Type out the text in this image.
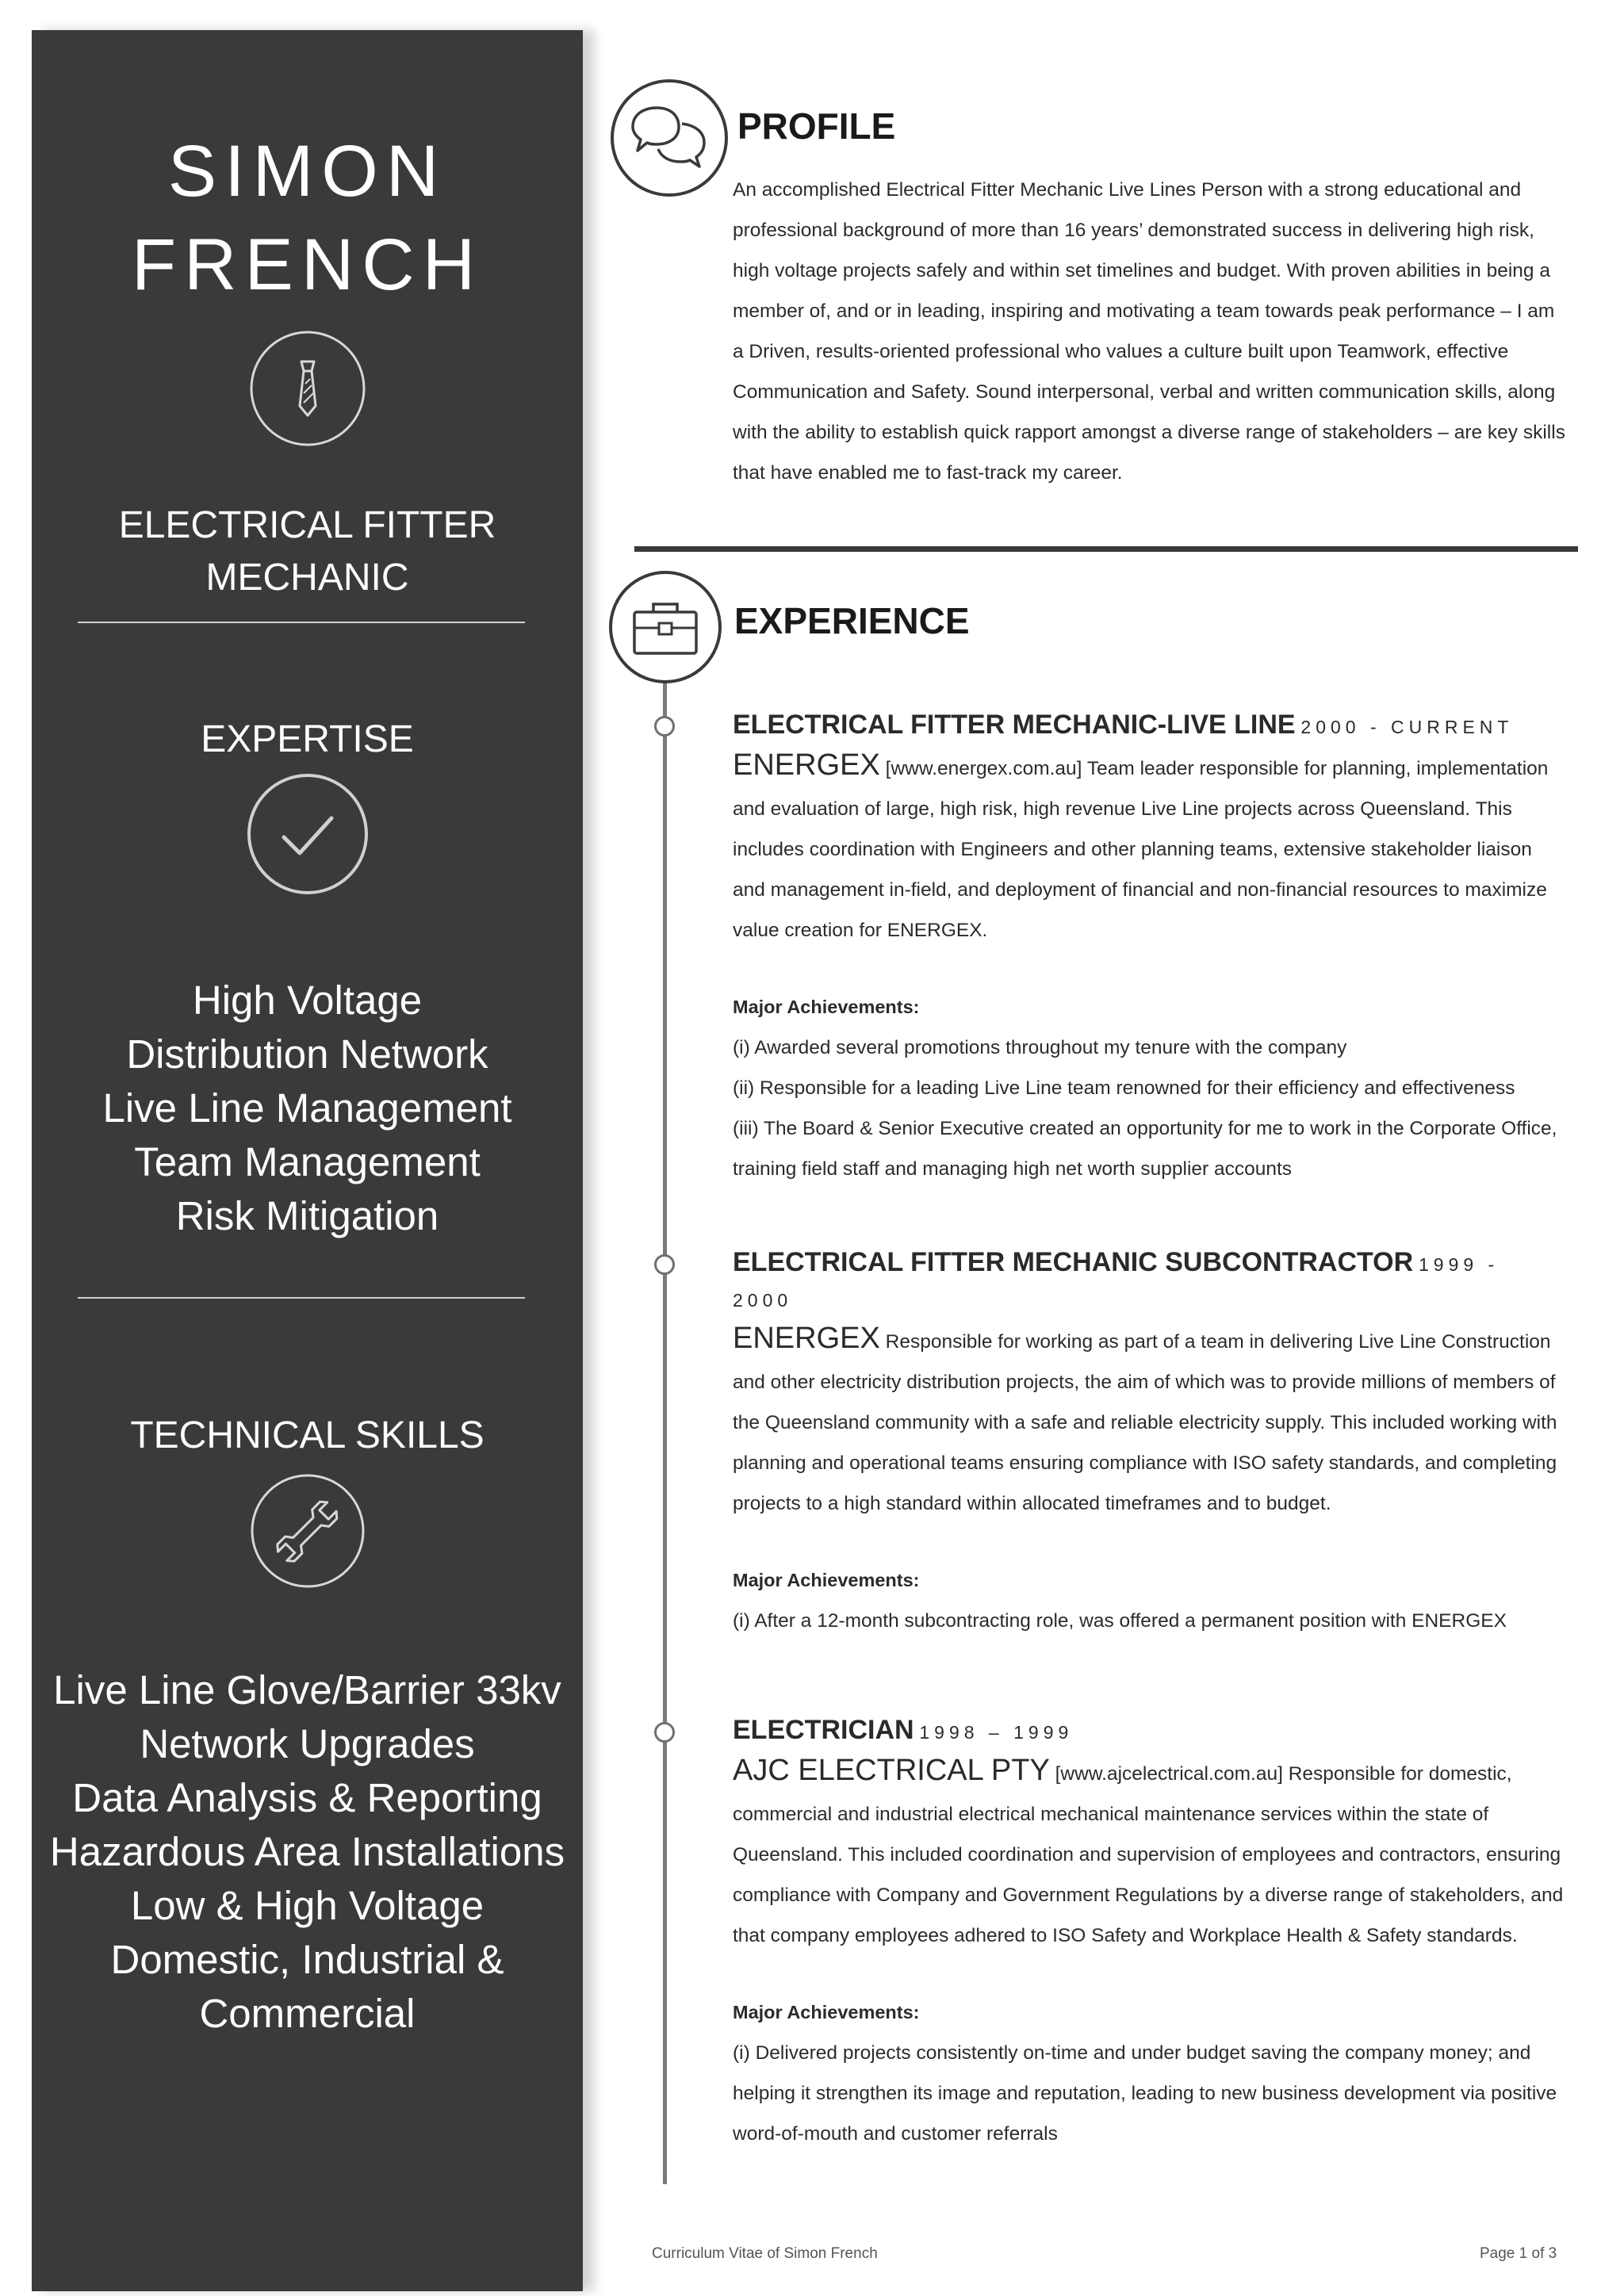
SIMON
FRENCH
ELECTRICAL FITTER
MECHANIC
EXPERTISE
High Voltage
Distribution Network
Live Line Management
Team Management
Risk Mitigation
TECHNICAL SKILLS
Live Line Glove/Barrier 33kv
Network Upgrades
Data Analysis & Reporting
Hazardous Area Installations
Low & High Voltage
Domestic, Industrial &
Commercial
PROFILE
An accomplished Electrical Fitter Mechanic Live Lines Person with a strong educational and professional background of more than 16 years’ demonstrated success in delivering high risk, high voltage projects safely and within set timelines and budget. With proven abilities in being a member of, and or in leading, inspiring and motivating a team towards peak performance – I am a Driven, results-oriented professional who values a culture built upon Teamwork, effective Communication and Safety. Sound interpersonal, verbal and written communication skills, along with the ability to establish quick rapport amongst a diverse range of stakeholders – are key skills that have enabled me to fast-track my career.
EXPERIENCE
ELECTRICAL FITTER MECHANIC-LIVE LINE 2000 - CURRENT

ENERGEX [www.energex.com.au] Team leader responsible for planning, implementation and evaluation of large, high risk, high revenue Live Line projects across Queensland. This includes coordination with Engineers and other planning teams, extensive stakeholder liaison and management in-field, and deployment of financial and non-financial resources to maximize value creation for ENERGEX.

Major Achievements:

(i) Awarded several promotions throughout my tenure with the company

(ii) Responsible for a leading Live Line team renowned for their efficiency and effectiveness

(iii) The Board & Senior Executive created an opportunity for me to work in the Corporate Office, training field staff and managing high net worth supplier accounts

ELECTRICAL FITTER MECHANIC SUBCONTRACTOR 1999 - 2000

ENERGEX Responsible for working as part of a team in delivering Live Line Construction and other electricity distribution projects, the aim of which was to provide millions of members of the Queensland community with a safe and reliable electricity supply. This included working with planning and operational teams ensuring compliance with ISO safety standards, and completing projects to a high standard within allocated timeframes and to budget.

Major Achievements:

(i) After a 12-month subcontracting role, was offered a permanent position with ENERGEX

ELECTRICIAN 1998 – 1999

AJC ELECTRICAL PTY [www.ajcelectrical.com.au] Responsible for domestic, commercial and industrial electrical mechanical maintenance services within the state of Queensland. This included coordination and supervision of employees and contractors, ensuring compliance with Company and Government Regulations by a diverse range of stakeholders, and that company employees adhered to ISO Safety and Workplace Health & Safety standards.

Major Achievements:

(i) Delivered projects consistently on-time and under budget saving the company money; and helping it strengthen its image and reputation, leading to new business development via positive word-of-mouth and customer referrals

Curriculum Vitae of Simon French	Page 1 of 3
